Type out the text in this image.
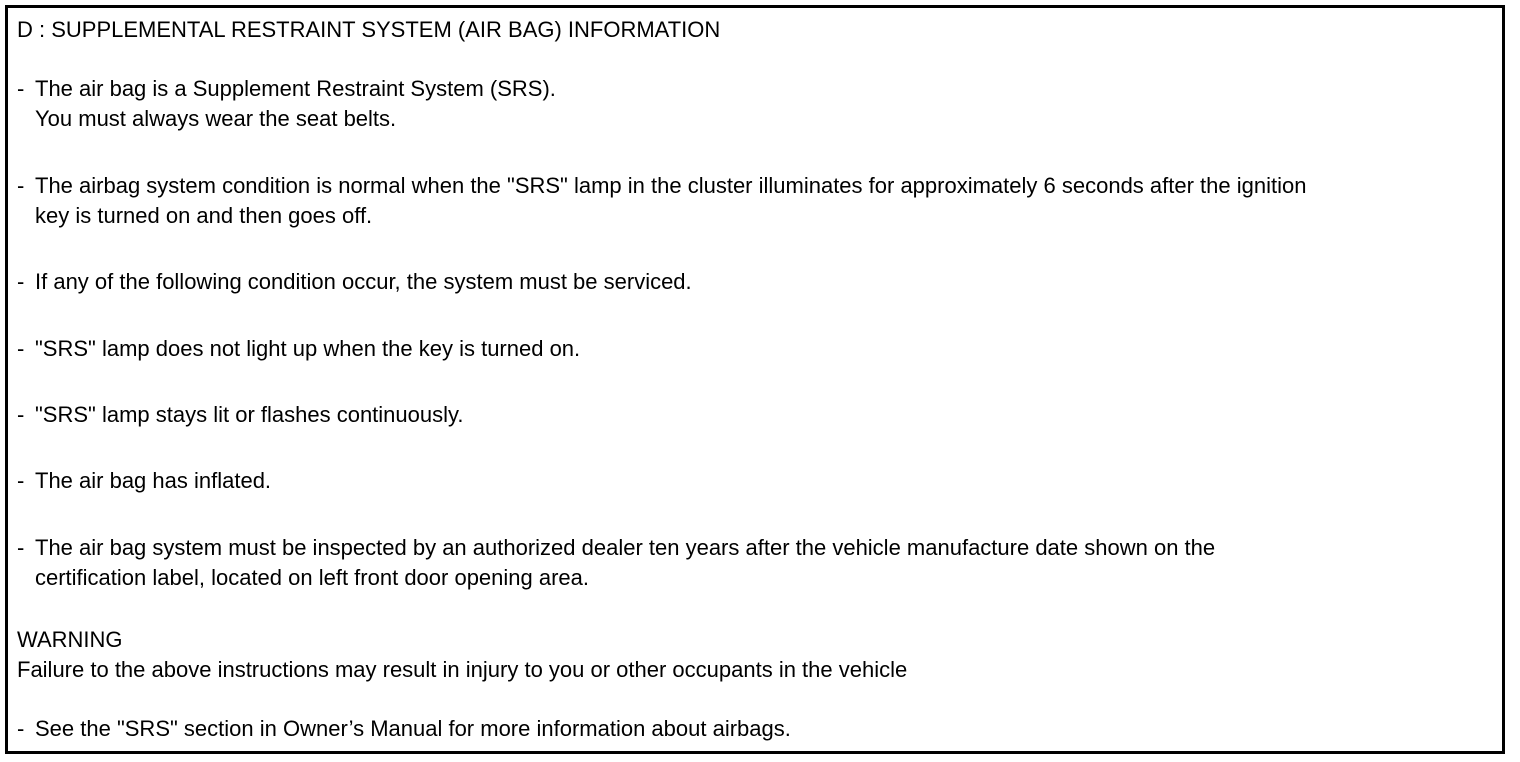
D : SUPPLEMENTAL RESTRAINT SYSTEM (AIR BAG) INFORMATION
- The air bag is a Supplement Restraint System (SRS).
You must always wear the seat belts.
- The airbag system condition is normal when the "SRS" lamp in the cluster illuminates for approximately 6 seconds after the ignition
key is turned on and then goes off.
- If any of the following condition occur, the system must be serviced.
- "SRS" lamp does not light up when the key is turned on.
- "SRS" lamp stays lit or flashes continuously.
- The air bag has inflated.
- The air bag system must be inspected by an authorized dealer ten years after the vehicle manufacture date shown on the
certification label, located on left front door opening area.
WARNING
Failure to the above instructions may result in injury to you or other occupants in the vehicle
- See the "SRS" section in Owner’s Manual for more information about airbags.
